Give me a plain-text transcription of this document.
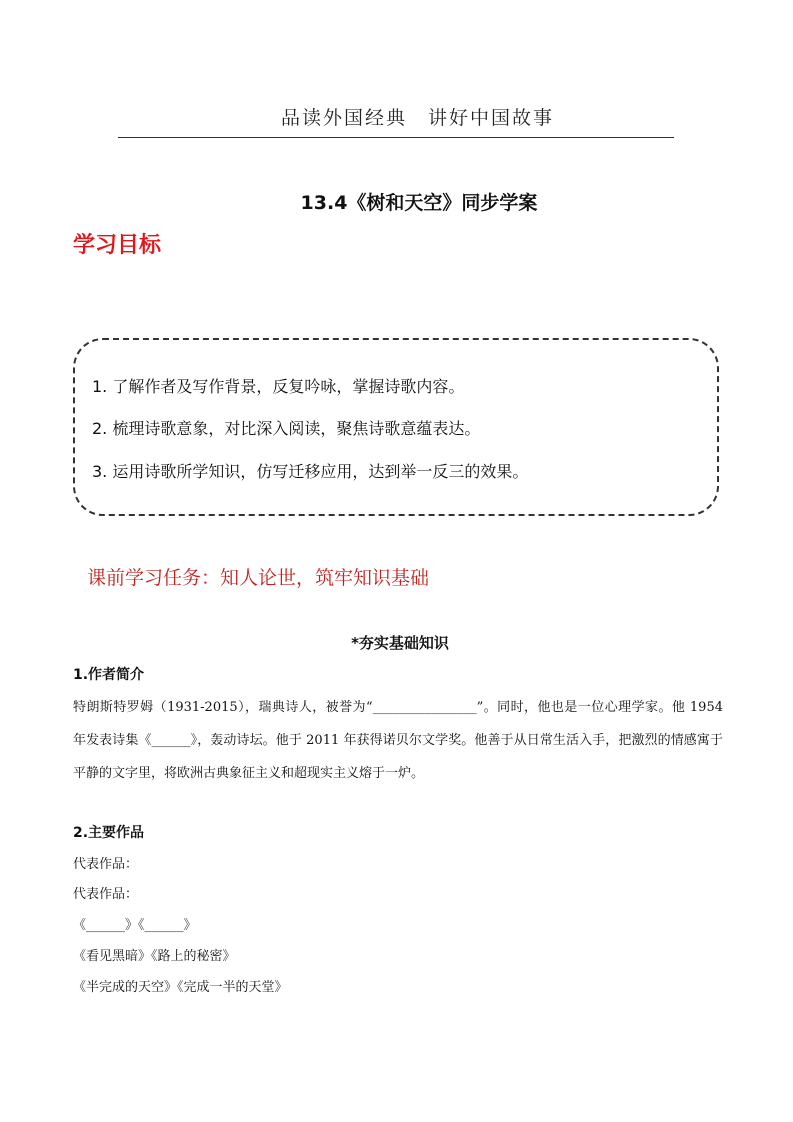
品读外国经典　讲好中国故事
13.4《树和天空》同步学案
学习目标
1. 了解作者及写作背景，反复吟咏，掌握诗歌内容。
2. 梳理诗歌意象，对比深入阅读，聚焦诗歌意蕴表达。
3. 运用诗歌所学知识，仿写迁移应用，达到举一反三的效果。
课前学习任务：知人论世，筑牢知识基础
*夯实基础知识
1.作者简介
特朗斯特罗姆（1931-2015），瑞典诗人，被誉为“________________”。同时，他也是一位心理学家。他 1954 年发表诗集《______》，轰动诗坛。他于 2011 年获得诺贝尔文学奖。他善于从日常生活入手，把激烈的情感寓于平静的文字里，将欧洲古典象征主义和超现实主义熔于一炉。
2.主要作品
代表作品：
代表作品：
《______》《______》
《看见黑暗》《路上的秘密》
《半完成的天空》《完成一半的天堂》
